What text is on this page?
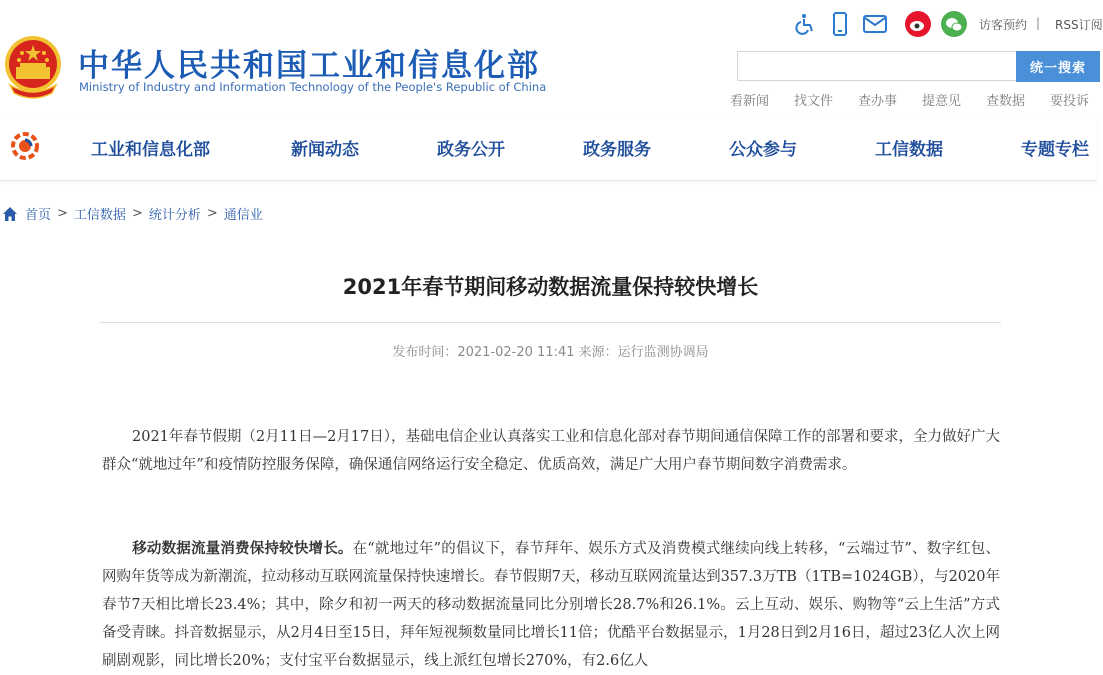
中华人民共和国工业和信息化部
Ministry of Industry and Information Technology of the People's Republic of China
访客预约 | RSS订阅
统一搜索
看新闻 找文件 查办事 提意见 查数据 要投诉
工业和信息化部	新闻动态	政务公开	政务服务	公众参与	工信数据	专题专栏
首页 > 工信数据 > 统计分析 > 通信业
2021年春节期间移动数据流量保持较快增长
发布时间：2021-02-20 11:41 来源：运行监测协调局
2021年春节假期（2月11日—2月17日），基础电信企业认真落实工业和信息化部对春节期间通信保障工作的部署和要求，全力做好广大群众“就地过年”和疫情防控服务保障，确保通信网络运行安全稳定、优质高效，满足广大用户春节期间数字消费需求。
移动数据流量消费保持较快增长。在“就地过年”的倡议下，春节拜年、娱乐方式及消费模式继续向线上转移，“云端过节”、数字红包、网购年货等成为新潮流，拉动移动互联网流量保持快速增长。春节假期7天，移动互联网流量达到357.3万TB（1TB=1024GB），与2020年春节7天相比增长23.4%；其中，除夕和初一两天的移动数据流量同比分别增长28.7%和26.1%。云上互动、娱乐、购物等“云上生活”方式备受青睐。抖音数据显示，从2月4日至15日，拜年短视频数量同比增长11倍；优酷平台数据显示，1月28日到2月16日，超过23亿人次上网刷剧观影，同比增长20%；支付宝平台数据显示，线上派红包增长270%，有2.6亿人
